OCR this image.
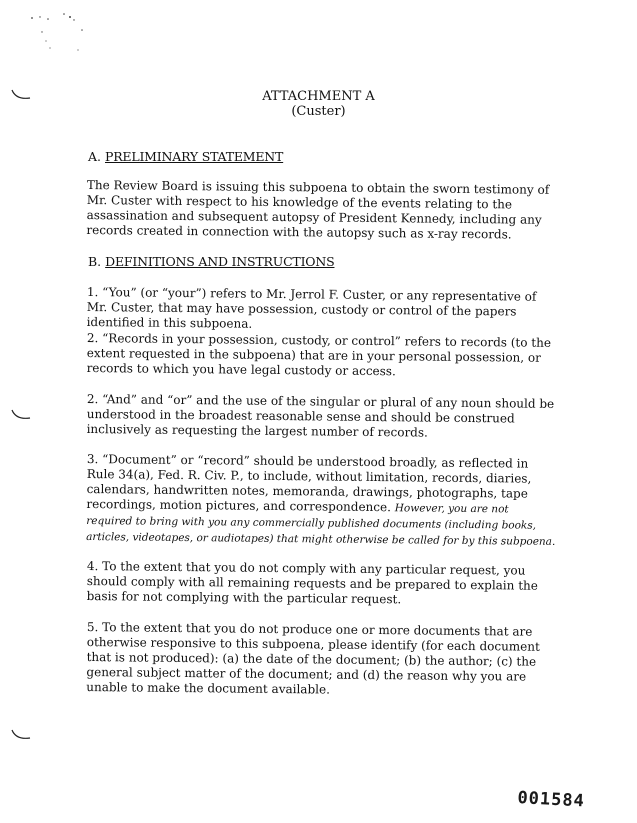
ATTACHMENT A
(Custer)
A. PRELIMINARY STATEMENT
The Review Board is issuing this subpoena to obtain the sworn testimony of Mr. Custer with respect to his knowledge of the events relating to the assassination and subsequent autopsy of President Kennedy, including any records created in connection with the autopsy such as x-ray records.
B. DEFINITIONS AND INSTRUCTIONS
1. “You” (or “your”) refers to Mr. Jerrol F. Custer, or any representative of Mr. Custer, that may have possession, custody or control of the papers identified in this subpoena.
2. “Records in your possession, custody, or control” refers to records (to the extent requested in the subpoena) that are in your personal possession, or records to which you have legal custody or access.
2. “And” and “or” and the use of the singular or plural of any noun should be understood in the broadest reasonable sense and should be construed inclusively as requesting the largest number of records.
3. “Document” or “record” should be understood broadly, as reflected in Rule 34(a), Fed. R. Civ. P., to include, without limitation, records, diaries, calendars, handwritten notes, memoranda, drawings, photographs, tape recordings, motion pictures, and correspondence. However, you are not required to bring with you any commercially published documents (including books, articles, videotapes, or audiotapes) that might otherwise be called for by this subpoena.
4. To the extent that you do not comply with any particular request, you should comply with all remaining requests and be prepared to explain the basis for not complying with the particular request.
5. To the extent that you do not produce one or more documents that are otherwise responsive to this subpoena, please identify (for each document that is not produced): (a) the date of the document; (b) the author; (c) the general subject matter of the document; and (d) the reason why you are unable to make the document available.
001584
